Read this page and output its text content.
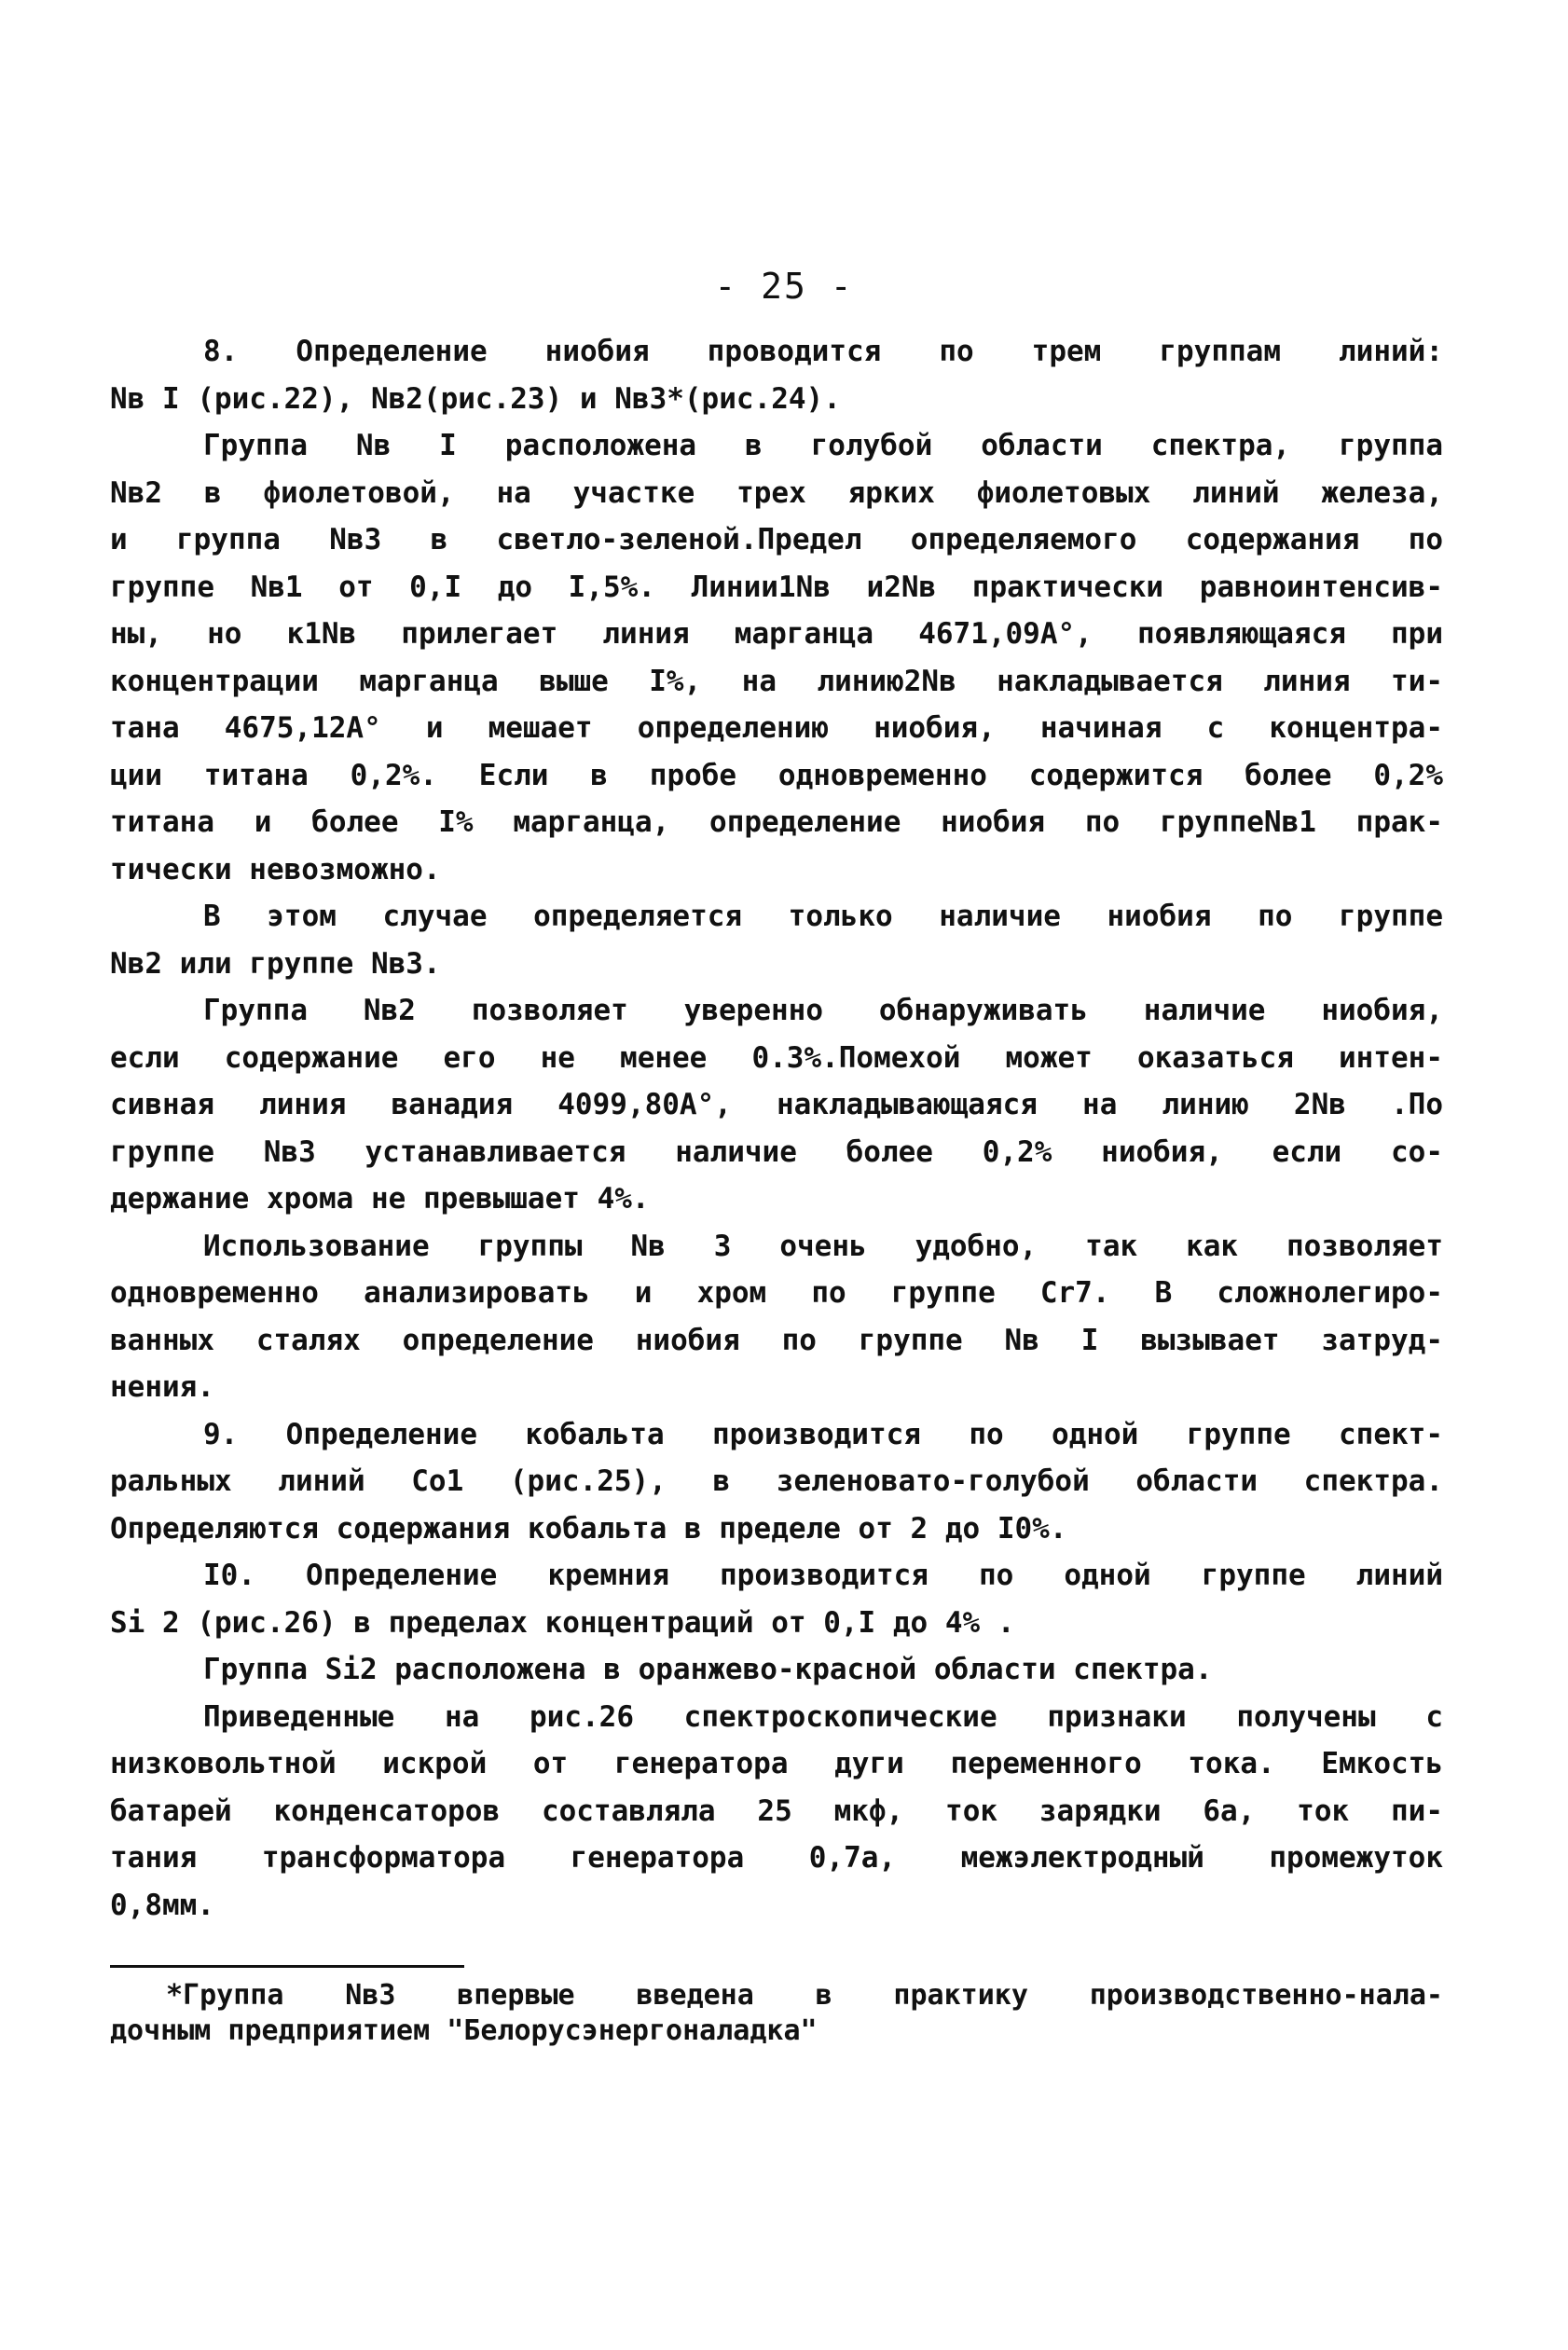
- 25 -
8. Определение ниобия проводится по трем группам линий:
Nв I (рис.22), Nв2(рис.23) и Nв3*(рис.24).
Группа Nв I расположена в голубой области спектра, группа
Nв2 в фиолетовой, на участке трех ярких фиолетовых линий железа,
и группа Nв3 в светло-зеленой.Предел определяемого содержания по
группе Nв1 от 0,I до I,5%. Линии1Nв и2Nв практически равноинтенсив-
ны, но к1Nв прилегает линия марганца 4671,09А°, появляющаяся при
концентрации марганца выше I%, на линию2Nв накладывается линия ти-
тана 4675,12А° и мешает определению ниобия, начиная с концентра-
ции титана 0,2%. Если в пробе одновременно содержится более 0,2%
титана и более I% марганца, определение ниобия по группеNв1 прак-
тически невозможно.
В этом случае определяется только наличие ниобия по группе
Nв2 или группе Nв3.
Группа Nв2 позволяет уверенно обнаруживать наличие ниобия,
если содержание его не менее 0.3%.Помехой может оказаться интен-
сивная линия ванадия 4099,80А°, накладывающаяся на линию 2Nв .По
группе Nв3 устанавливается наличие более 0,2% ниобия, если со-
держание хрома не превышает 4%.
Использование группы Nв 3 очень удобно, так как позволяет
одновременно анализировать и хром по группе Cr7. В сложнолегиро-
ванных сталях определение ниобия по группе Nв I вызывает затруд-
нения.
9. Определение кобальта производится по одной группе спект-
ральных линий Co1 (рис.25), в зеленовато-голубой области спектра.
Определяются содержания кобальта в пределе от 2 до I0%.
I0. Определение кремния производится по одной группе линий
Si 2 (рис.26) в пределах концентраций от 0,I до 4% .
Группа Si2 расположена в оранжево-красной области спектра.
Приведенные на рис.26 спектроскопические признаки получены с
низковольтной искрой от генератора дуги переменного тока. Емкость
батарей конденсаторов составляла 25 мкф, ток зарядки 6а, ток пи-
тания трансформатора генератора 0,7а, межэлектродный промежуток
0,8мм.
*Группа Nв3 впервые введена в практику производственно-нала-
дочным предприятием "Белорусэнергоналадка"
